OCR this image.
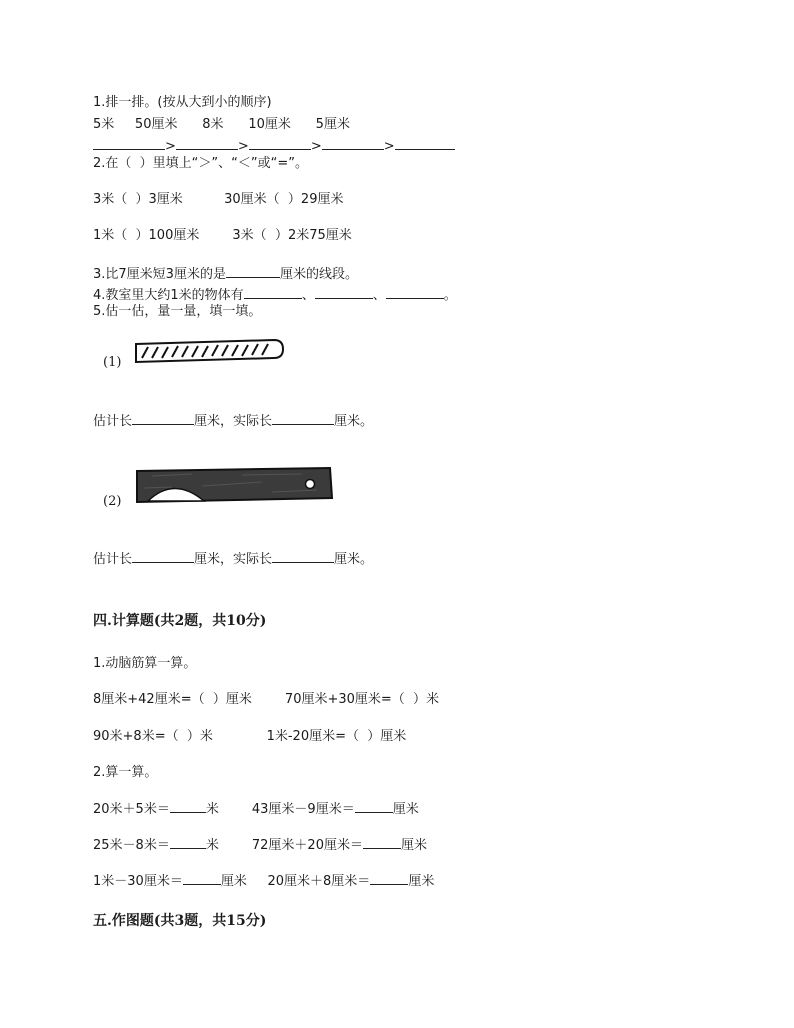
1.排一排。(按从大到小的顺序)
5米     50厘米      8米      10厘米      5厘米
>	>	>	>
2.在（  ）里填上“＞”、“＜”或“=”。
3米（  ）3厘米          30厘米（  ）29厘米
1米（  ）100厘米        3米（  ）2米75厘米
3.比7厘米短3厘米的是	厘米的线段。
4.教室里大约1米的物体有	、	、	。
5.估一估，量一量，填一填。
(1)
估计长	厘米，实际长	厘米。
(2)
估计长	厘米，实际长	厘米。
四.计算题(共2题，共10分)
1.动脑筋算一算。
8厘米+42厘米=（  ）厘米        70厘米+30厘米=（  ）米
90米+8米=（  ）米             1米-20厘米=（  ）厘米
2.算一算。
20米＋5米＝	米        43厘米－9厘米＝	厘米
25米－8米＝	米        72厘米＋20厘米＝	厘米
1米－30厘米＝	厘米     20厘米＋8厘米＝	厘米
五.作图题(共3题，共15分)
